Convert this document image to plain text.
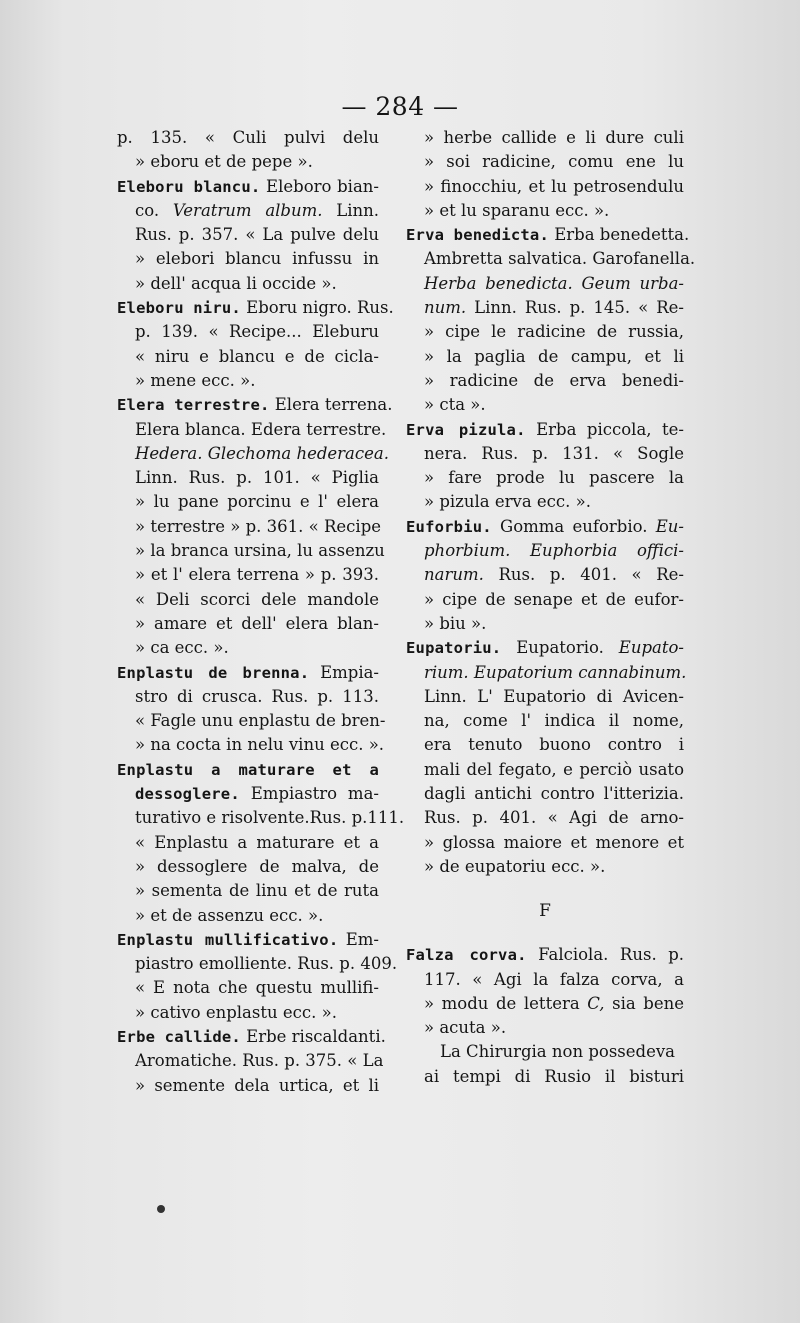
— 284 —
p. 135. « Culi pulvi delu
» eboru et de pepe ».
Eleboru blancu. Eleboro bian-
co. Veratrum album. Linn.
Rus. p. 357. « La pulve delu
» elebori blancu infussu in
» dell' acqua li occide ».
Eleboru niru. Eboru nigro. Rus.
p. 139. « Recipe... Eleburu
« niru e blancu e de cicla-
» mene ecc. ».
Elera terrestre. Elera terrena.
Elera blanca. Edera terrestre.
Hedera. Glechoma hederacea.
Linn. Rus. p. 101. « Piglia
» lu pane porcinu e l' elera
» terrestre » p. 361. « Recipe
» la branca ursina, lu assenzu
» et l' elera terrena » p. 393.
« Deli scorci dele mandole
» amare et dell' elera blan-
» ca ecc. ».
Enplastu de brenna. Empia-
stro di crusca. Rus. p. 113.
« Fagle unu enplastu de bren-
» na cocta in nelu vinu ecc. ».
Enplastu a maturare et a
dessoglere. Empiastro ma-
turativo e risolvente.Rus. p.111.
« Enplastu a maturare et a
» dessoglere de malva, de
» sementa de linu et de ruta
» et de assenzu ecc. ».
Enplastu mullificativo. Em-
piastro emolliente. Rus. p. 409.
« E nota che questu mullifi-
» cativo enplastu ecc. ».
Erbe callide. Erbe riscaldanti.
Aromatiche. Rus. p. 375. « La
» semente dela urtica, et li
» herbe callide e li dure culi
» soi radicine, comu ene lu
» finocchiu, et lu petrosendulu
» et lu sparanu ecc. ».
Erva benedicta. Erba benedetta.
Ambretta salvatica. Garofanella.
Herba benedicta. Geum urba-
num. Linn. Rus. p. 145. « Re-
» cipe le radicine de russia,
» la paglia de campu, et li
» radicine de erva benedi-
» cta ».
Erva pizula. Erba piccola, te-
nera. Rus. p. 131. « Sogle
» fare prode lu pascere la
» pizula erva ecc. ».
Euforbiu. Gomma euforbio. Eu-
phorbium. Euphorbia offici-
narum. Rus. p. 401. « Re-
» cipe de senape et de eufor-
» biu ».
Eupatoriu. Eupatorio. Eupato-
rium. Eupatorium cannabinum.
Linn. L' Eupatorio di Avicen-
na, come l' indica il nome,
era tenuto buono contro i
mali del fegato, e perciò usato
dagli antichi contro l'itterizia.
Rus. p. 401. « Agi de arno-
» glossa maiore et menore et
» de eupatoriu ecc. ».
F
Falza corva. Falciola. Rus. p.
117. « Agi la falza corva, a
» modu de lettera C, sia bene
» acuta ».
La Chirurgia non possedeva
ai tempi di Rusio il bisturi
